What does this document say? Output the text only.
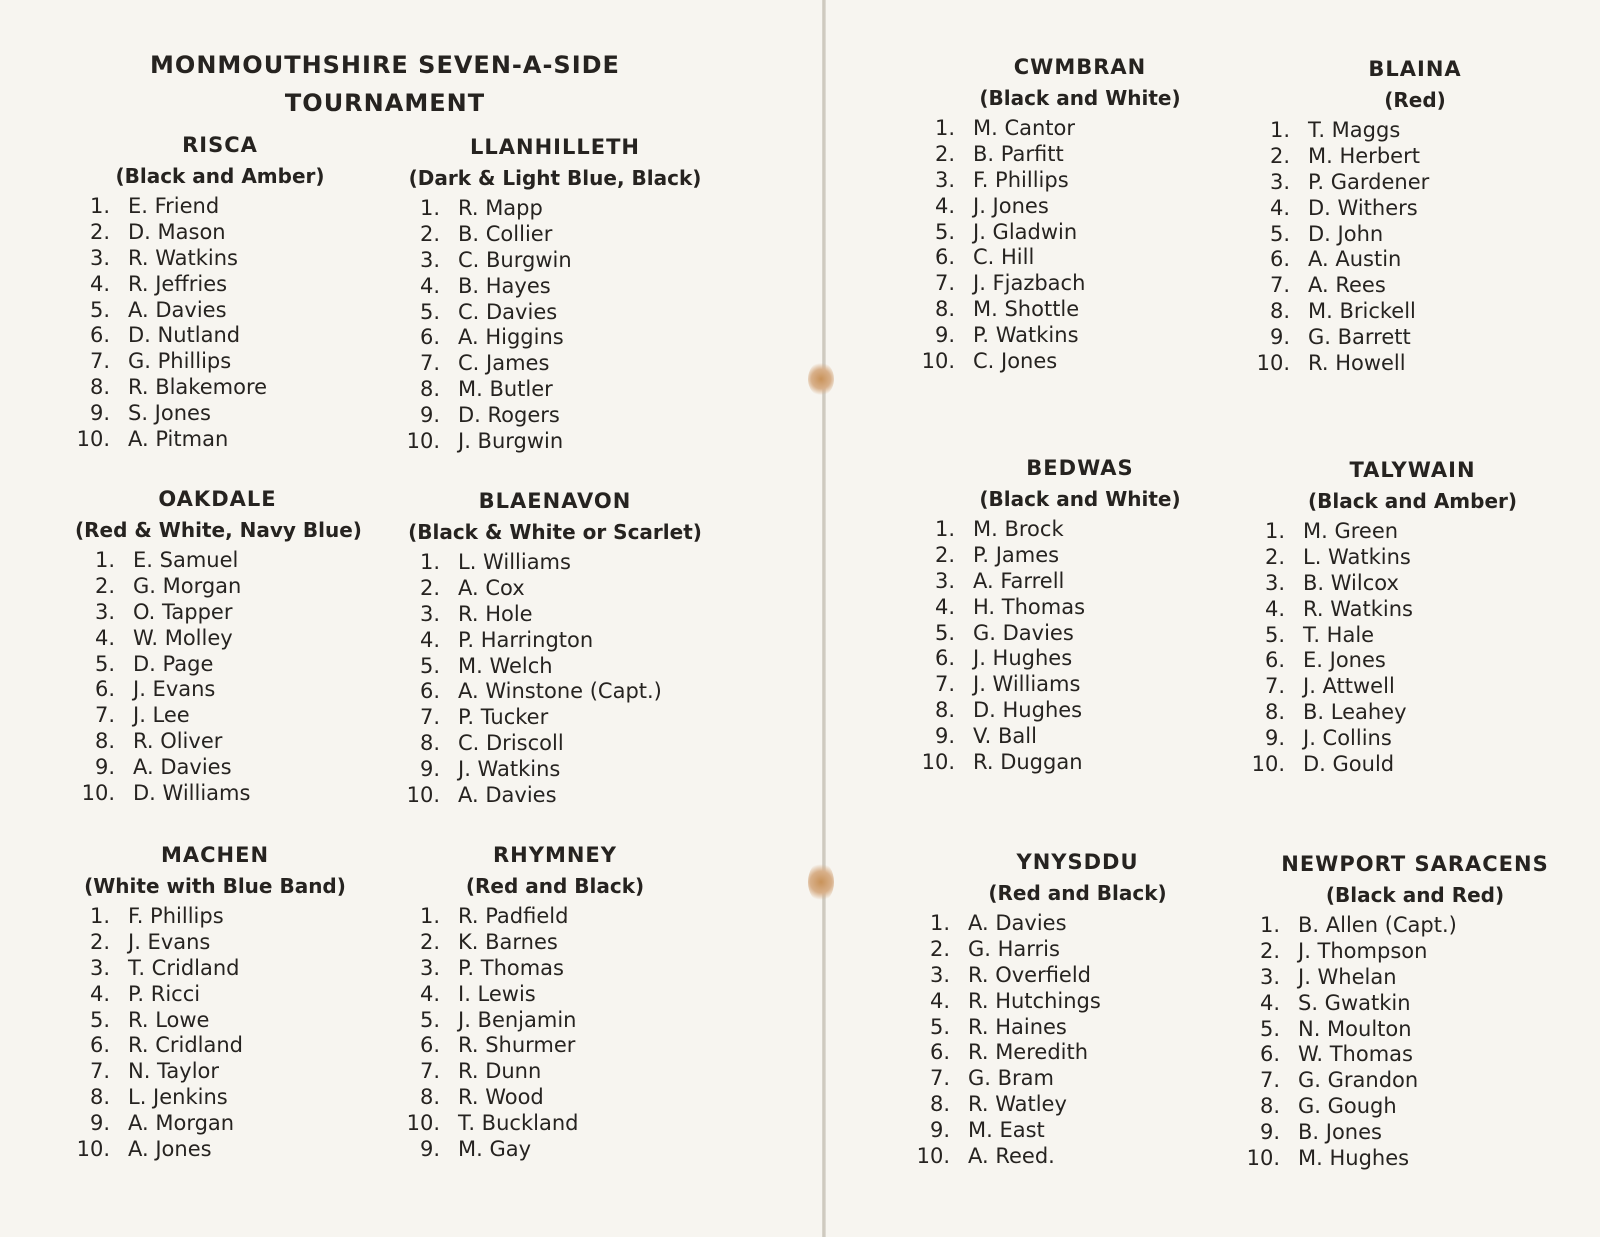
MONMOUTHSHIRE SEVEN-A-SIDE
TOURNAMENT
RISCA
(Black and Amber)
1. E. Friend
2. D. Mason
3. R. Watkins
4. R. Jeffries
5. A. Davies
6. D. Nutland
7. G. Phillips
8. R. Blakemore
9. S. Jones
10. A. Pitman
LLANHILLETH
(Dark & Light Blue, Black)
1. R. Mapp
2. B. Collier
3. C. Burgwin
4. B. Hayes
5. C. Davies
6. A. Higgins
7. C. James
8. M. Butler
9. D. Rogers
10. J. Burgwin
OAKDALE
(Red & White, Navy Blue)
1. E. Samuel
2. G. Morgan
3. O. Tapper
4. W. Molley
5. D. Page
6. J. Evans
7. J. Lee
8. R. Oliver
9. A. Davies
10. D. Williams
BLAENAVON
(Black & White or Scarlet)
1. L. Williams
2. A. Cox
3. R. Hole
4. P. Harrington
5. M. Welch
6. A. Winstone (Capt.)
7. P. Tucker
8. C. Driscoll
9. J. Watkins
10. A. Davies
MACHEN
(White with Blue Band)
1. F. Phillips
2. J. Evans
3. T. Cridland
4. P. Ricci
5. R. Lowe
6. R. Cridland
7. N. Taylor
8. L. Jenkins
9. A. Morgan
10. A. Jones
RHYMNEY
(Red and Black)
1. R. Padfield
2. K. Barnes
3. P. Thomas
4. I. Lewis
5. J. Benjamin
6. R. Shurmer
7. R. Dunn
8. R. Wood
10. T. Buckland
9. M. Gay
CWMBRAN
(Black and White)
1. M. Cantor
2. B. Parfitt
3. F. Phillips
4. J. Jones
5. J. Gladwin
6. C. Hill
7. J. Fjazbach
8. M. Shottle
9. P. Watkins
10. C. Jones
BLAINA
(Red)
1. T. Maggs
2. M. Herbert
3. P. Gardener
4. D. Withers
5. D. John
6. A. Austin
7. A. Rees
8. M. Brickell
9. G. Barrett
10. R. Howell
BEDWAS
(Black and White)
1. M. Brock
2. P. James
3. A. Farrell
4. H. Thomas
5. G. Davies
6. J. Hughes
7. J. Williams
8. D. Hughes
9. V. Ball
10. R. Duggan
TALYWAIN
(Black and Amber)
1. M. Green
2. L. Watkins
3. B. Wilcox
4. R. Watkins
5. T. Hale
6. E. Jones
7. J. Attwell
8. B. Leahey
9. J. Collins
10. D. Gould
YNYSDDU
(Red and Black)
1. A. Davies
2. G. Harris
3. R. Overfield
4. R. Hutchings
5. R. Haines
6. R. Meredith
7. G. Bram
8. R. Watley
9. M. East
10. A. Reed.
NEWPORT SARACENS
(Black and Red)
1. B. Allen (Capt.)
2. J. Thompson
3. J. Whelan
4. S. Gwatkin
5. N. Moulton
6. W. Thomas
7. G. Grandon
8. G. Gough
9. B. Jones
10. M. Hughes
